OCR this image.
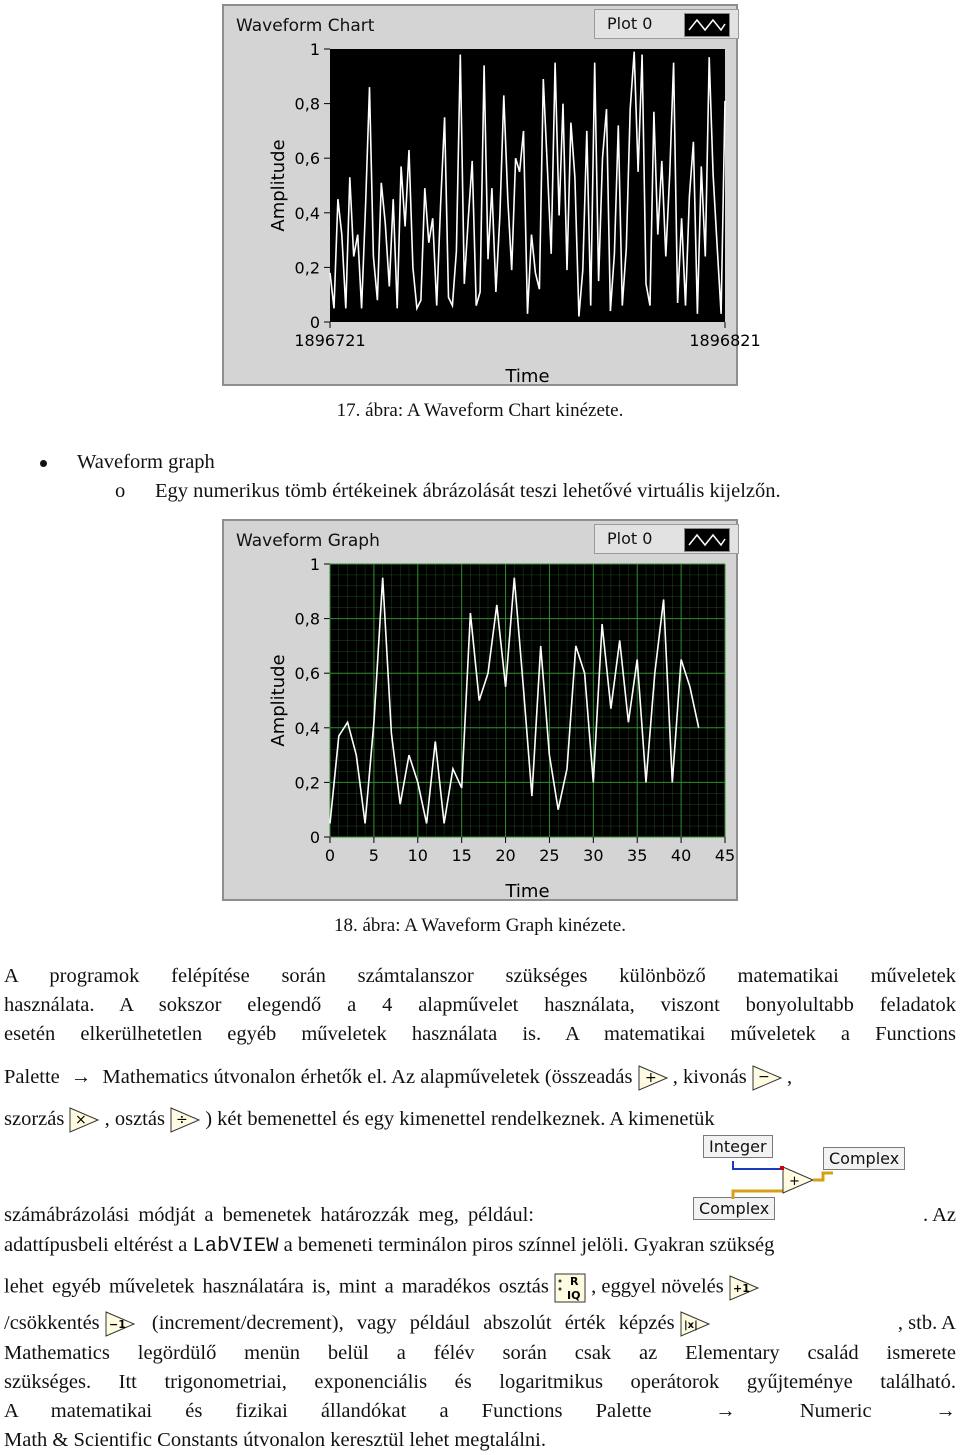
Waveform Chart	Plot 0
0
0,2
0,4
0,6
0,8
1
1896721	1896821
Time
Amplitude
17. ábra: A Waveform Chart kinézete.
Waveform graph
o Egy numerikus tömb értékeinek ábrázolását teszi lehetővé virtuális kijelzőn.
Waveform Graph	Plot 0
0
0,2
0,4
0,6
0,8
1
0 5 10 15 20 25 30 35 40 45
Time
Amplitude
18. ábra: A Waveform Graph kinézete.
A programok felépítése során számtalanszor szükséges különböző matematikai műveletek
használata. A sokszor elegendő a 4 alapművelet használata, viszont bonyolultabb feladatok
esetén elkerülhetetlen egyéb műveletek használata is. A matematikai műveletek a Functions
Palette → Mathematics útvonalon érhetők el. Az alapműveletek (összeadás + , kivonás − ,
szorzás × , osztás ÷ ) két bemenettel és egy kimenettel rendelkeznek. A kimenetük
Integer
Complex
Complex
+
számábrázolási módját a bemenetek határozzák meg, például:	. Az
adattípusbeli eltérést a LabVIEW a bemeneti terminálon piros színnel jelöli. Gyakran szükség
lehet egyéb műveletek használatára is, mint a maradékos osztás R
IQ , eggyel növelés +1
/csökkentés −1 (increment/decrement), vagy például abszolút érték képzés |x|	, stb. A
Mathematics legördülő menün belül a félév során csak az Elementary család ismerete
szükséges. Itt trigonometriai, exponenciális és logaritmikus operátorok gyűjteménye található.
A matematikai és fizikai állandókat a Functions Palette	→	Numeric	→
Math & Scientific Constants útvonalon keresztül lehet megtalálni.
